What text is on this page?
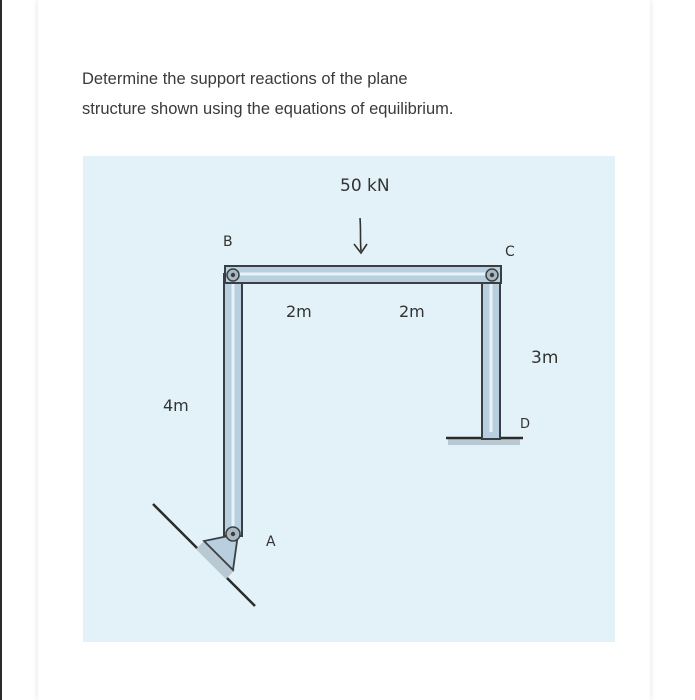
Determine the support reactions of the plane
structure shown using the equations of equilibrium.
50 kN
B
C
D
A
2m	2m
3m
4m
